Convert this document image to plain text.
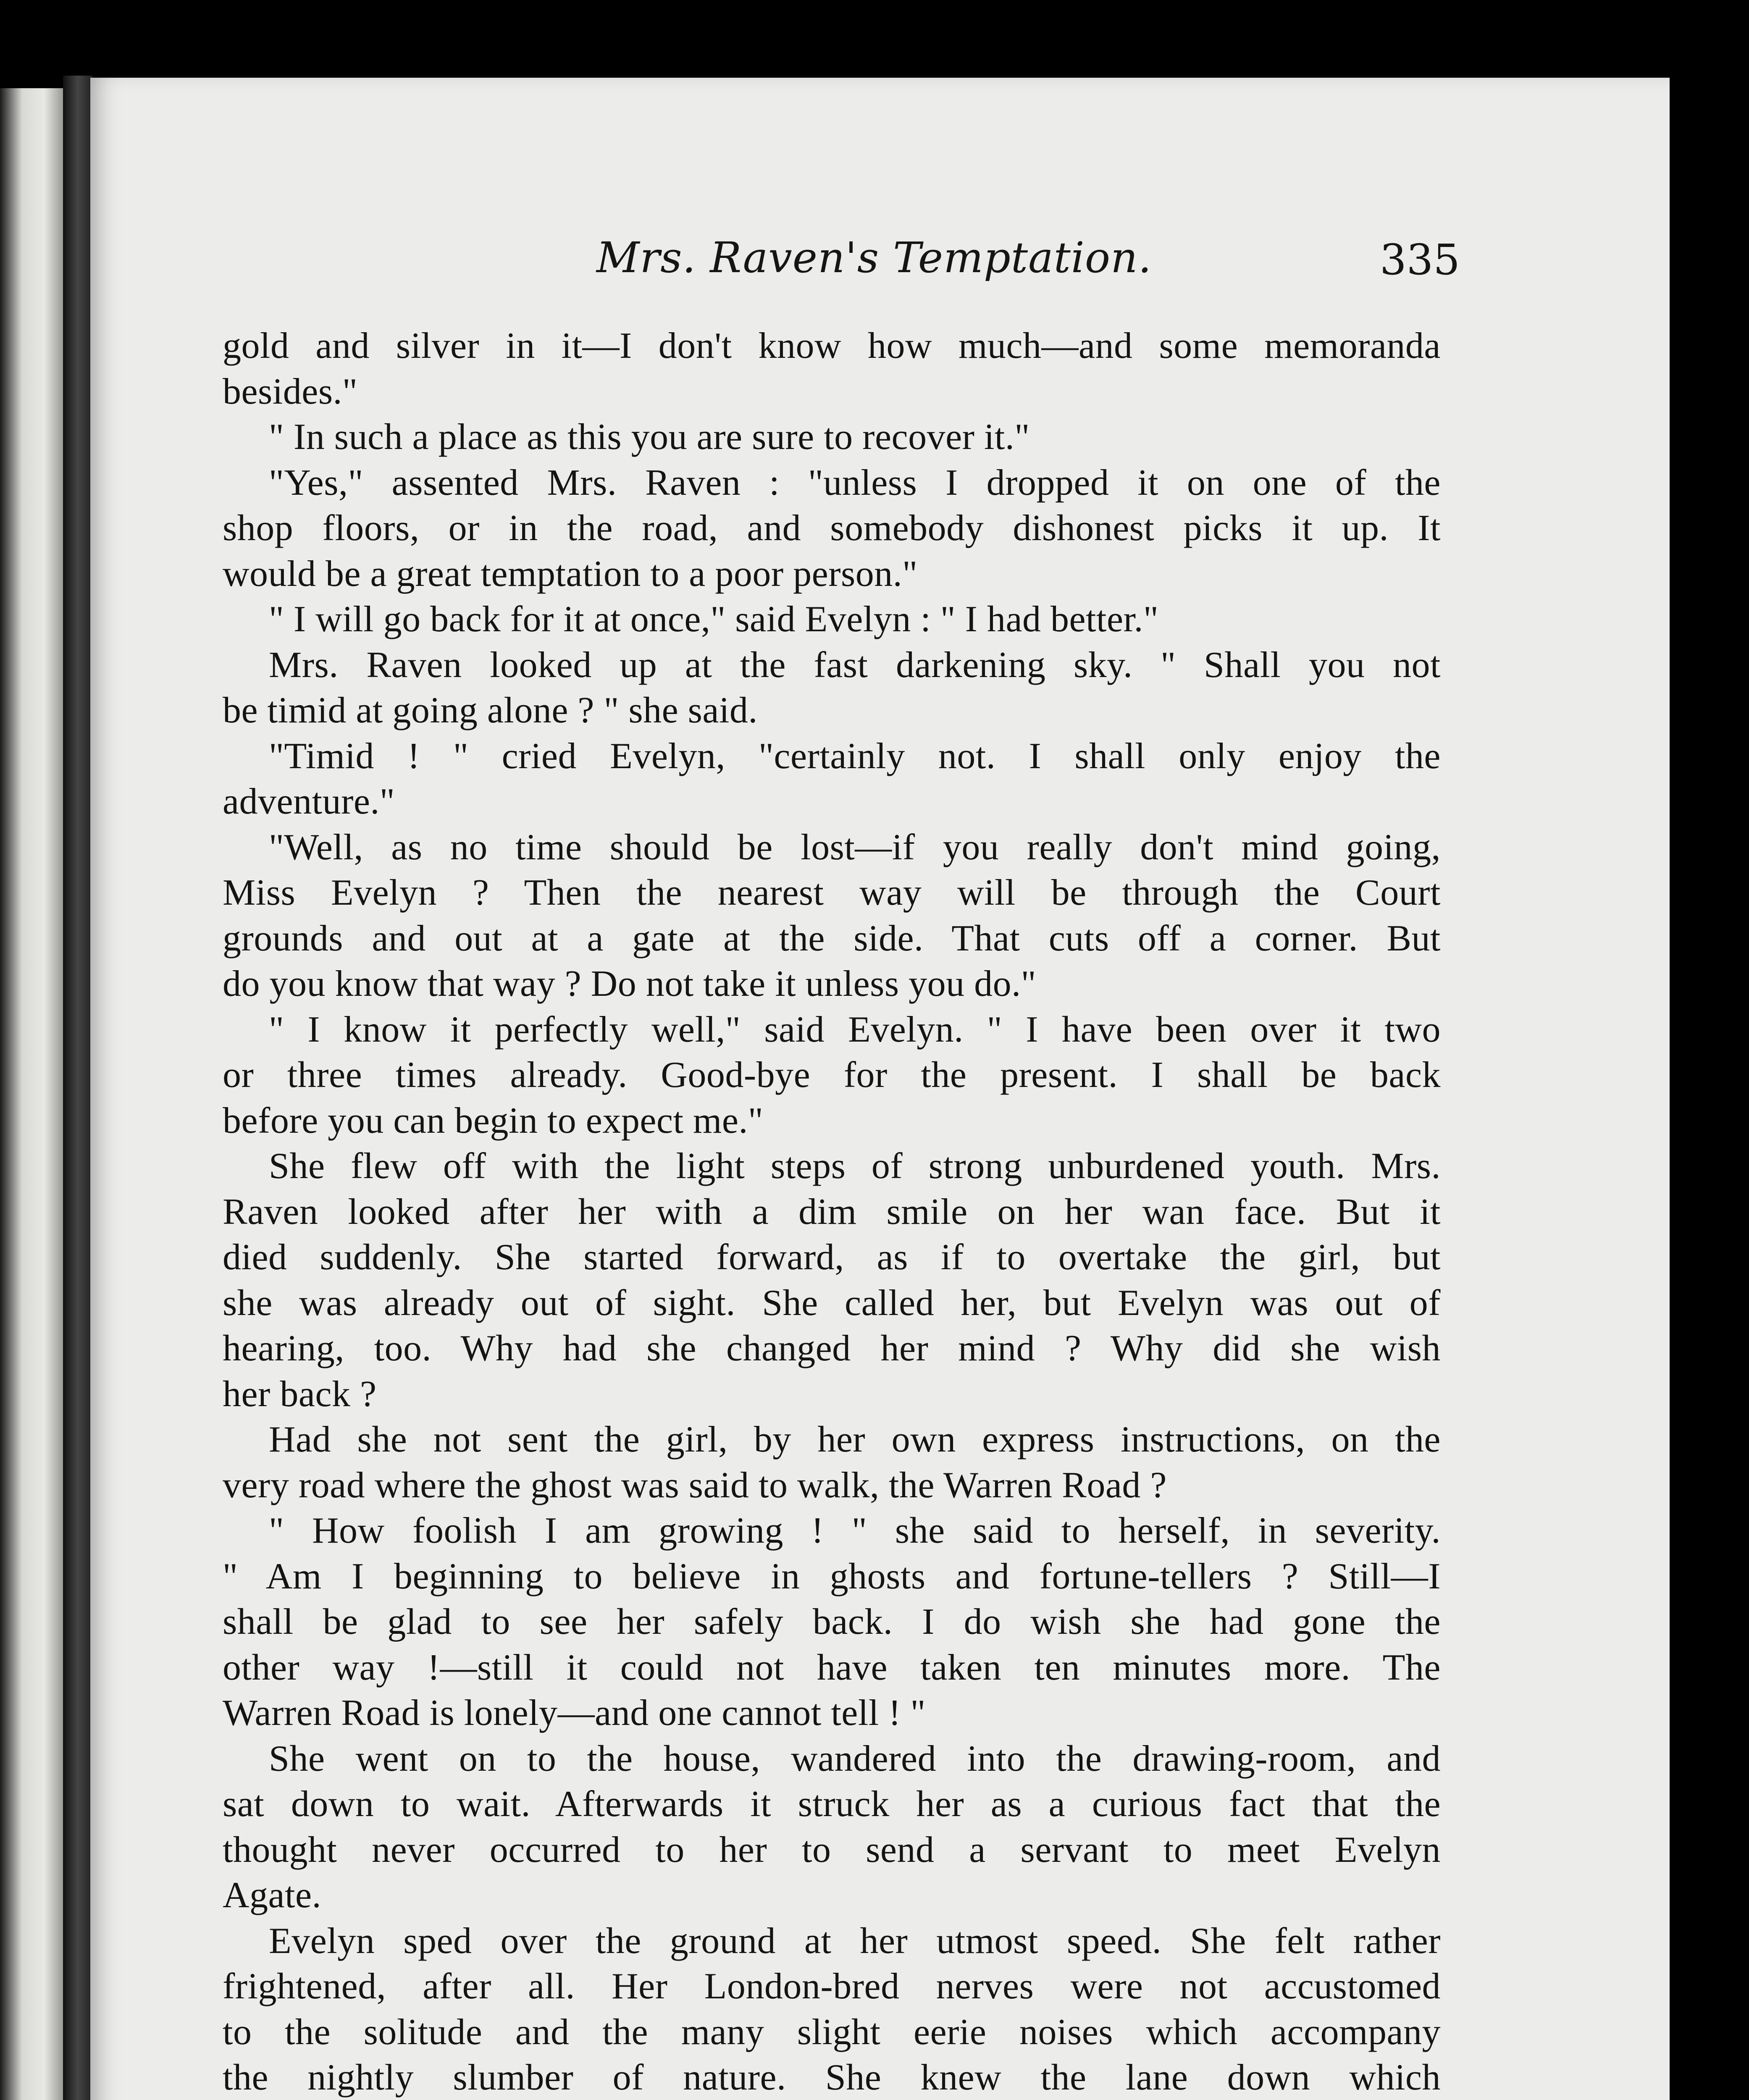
Mrs. Raven's Temptation.	335
gold and silver in it—I don't know how much—and some memoranda
besides."
" In such a place as this you are sure to recover it."
"Yes," assented Mrs. Raven : "unless I dropped it on one of the
shop floors, or in the road, and somebody dishonest picks it up. It
would be a great temptation to a poor person."
" I will go back for it at once," said Evelyn : " I had better."
Mrs. Raven looked up at the fast darkening sky. " Shall you not
be timid at going alone ? " she said.
"Timid ! " cried Evelyn, "certainly not. I shall only enjoy the
adventure."
"Well, as no time should be lost—if you really don't mind going,
Miss Evelyn ? Then the nearest way will be through the Court
grounds and out at a gate at the side. That cuts off a corner. But
do you know that way ? Do not take it unless you do."
" I know it perfectly well," said Evelyn. " I have been over it two
or three times already. Good-bye for the present. I shall be back
before you can begin to expect me."
She flew off with the light steps of strong unburdened youth. Mrs.
Raven looked after her with a dim smile on her wan face. But it
died suddenly. She started forward, as if to overtake the girl, but
she was already out of sight. She called her, but Evelyn was out of
hearing, too. Why had she changed her mind ? Why did she wish
her back ?
Had she not sent the girl, by her own express instructions, on the
very road where the ghost was said to walk, the Warren Road ?
" How foolish I am growing ! " she said to herself, in severity.
" Am I beginning to believe in ghosts and fortune-tellers ? Still—I
shall be glad to see her safely back. I do wish she had gone the
other way !—still it could not have taken ten minutes more. The
Warren Road is lonely—and one cannot tell ! "
She went on to the house, wandered into the drawing-room, and
sat down to wait. Afterwards it struck her as a curious fact that the
thought never occurred to her to send a servant to meet Evelyn
Agate.
Evelyn sped over the ground at her utmost speed. She felt rather
frightened, after all. Her London-bred nerves were not accustomed
to the solitude and the many slight eerie noises which accompany
the nightly slumber of nature. She knew the lane down which
